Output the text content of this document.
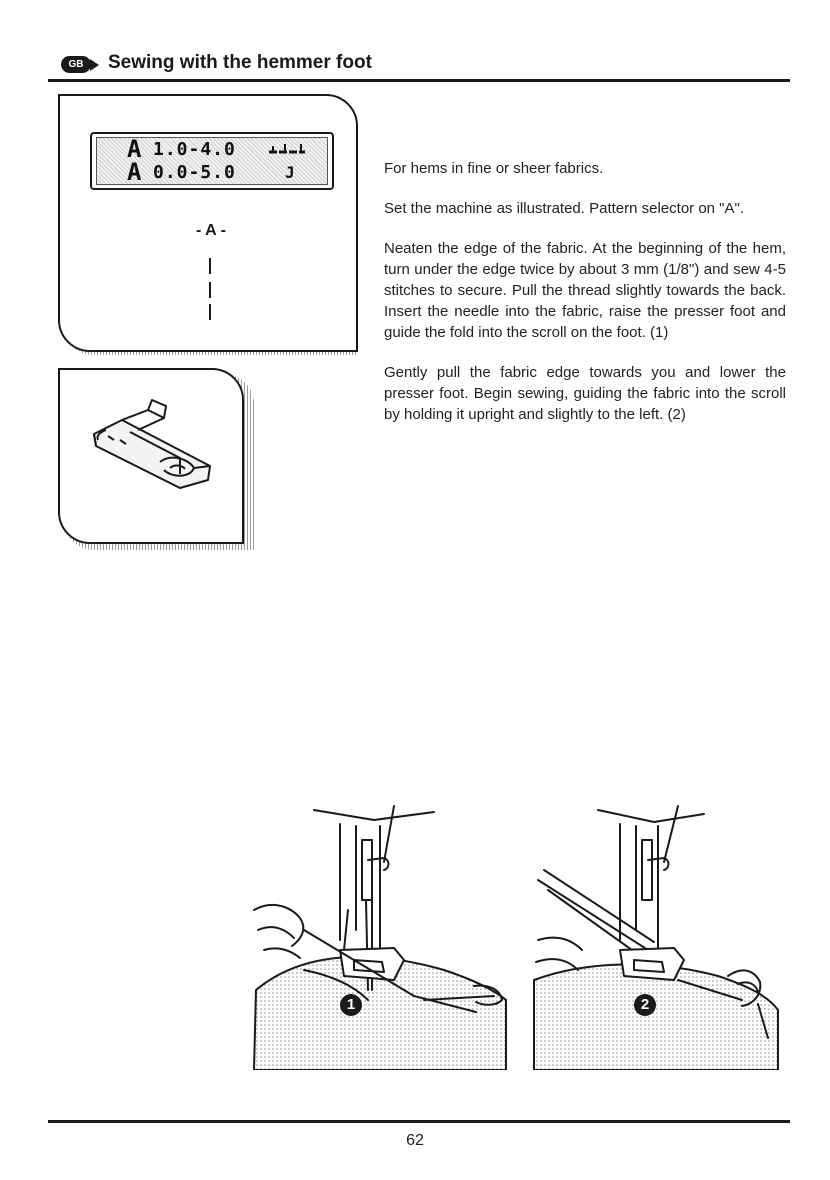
GB	Sewing with the hemmer foot
A 1.0-4.0
A 0.0-5.0	J
- A -

For hems in fine or sheer fabrics.

Set the machine as illustrated. Pattern selector on "A".

Neaten the edge of the fabric. At the beginning of the hem, turn under the edge twice by about 3 mm (1/8") and sew 4-5 stitches to secure. Pull the thread slightly towards the back. Insert the needle into the fabric, raise the presser foot and guide the fold into the scroll on the foot. (1)

Gently pull the fabric edge towards you and lower the presser foot. Begin sewing, guiding the fabric into the scroll by holding it upright and slightly to the left. (2)

1	2
62
